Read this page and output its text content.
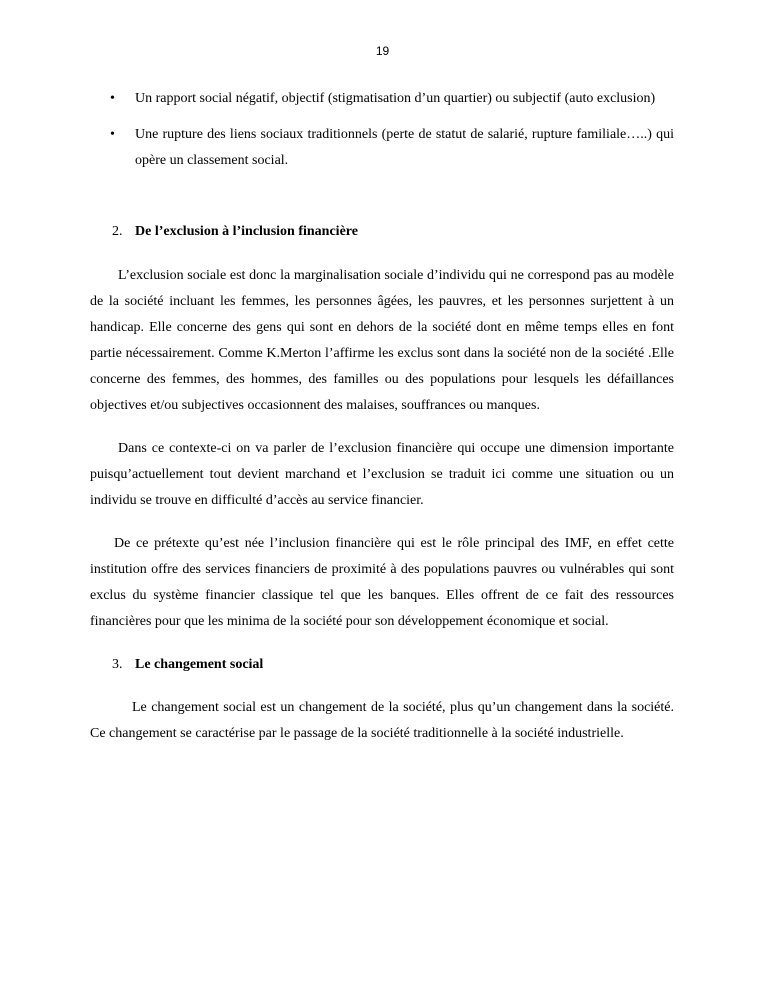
19
• Un rapport social négatif, objectif (stigmatisation d’un quartier) ou subjectif (auto exclusion)
• Une rupture des liens sociaux traditionnels (perte de statut de salarié, rupture familiale…..) qui opère un classement social.
2. De l’exclusion à l’inclusion financière

L’exclusion sociale est donc la marginalisation sociale d’individu qui ne correspond pas au modèle de la société incluant les femmes, les personnes âgées, les pauvres, et les personnes surjettent à un handicap. Elle concerne des gens qui sont en dehors de la société dont en même temps elles en font partie nécessairement. Comme K.Merton l’affirme les exclus sont dans la société non de la société .Elle concerne des femmes, des hommes, des familles ou des populations pour lesquels les défaillances objectives et/ou subjectives occasionnent des malaises, souffrances ou manques.

Dans ce contexte-ci on va parler de l’exclusion financière qui occupe une dimension importante puisqu’actuellement tout devient marchand et l’exclusion se traduit ici comme une situation ou un individu se trouve en difficulté d’accès au service financier.

De ce prétexte qu’est née l’inclusion financière qui est le rôle principal des IMF, en effet cette institution offre des services financiers de proximité à des populations pauvres ou vulnérables qui sont exclus du système financier classique tel que les banques. Elles offrent de ce fait des ressources financières pour que les minima de la société pour son développement économique et social.

3. Le changement social

Le changement social est un changement de la société, plus qu’un changement dans la société. Ce changement se caractérise par le passage de la société traditionnelle à la société industrielle.
